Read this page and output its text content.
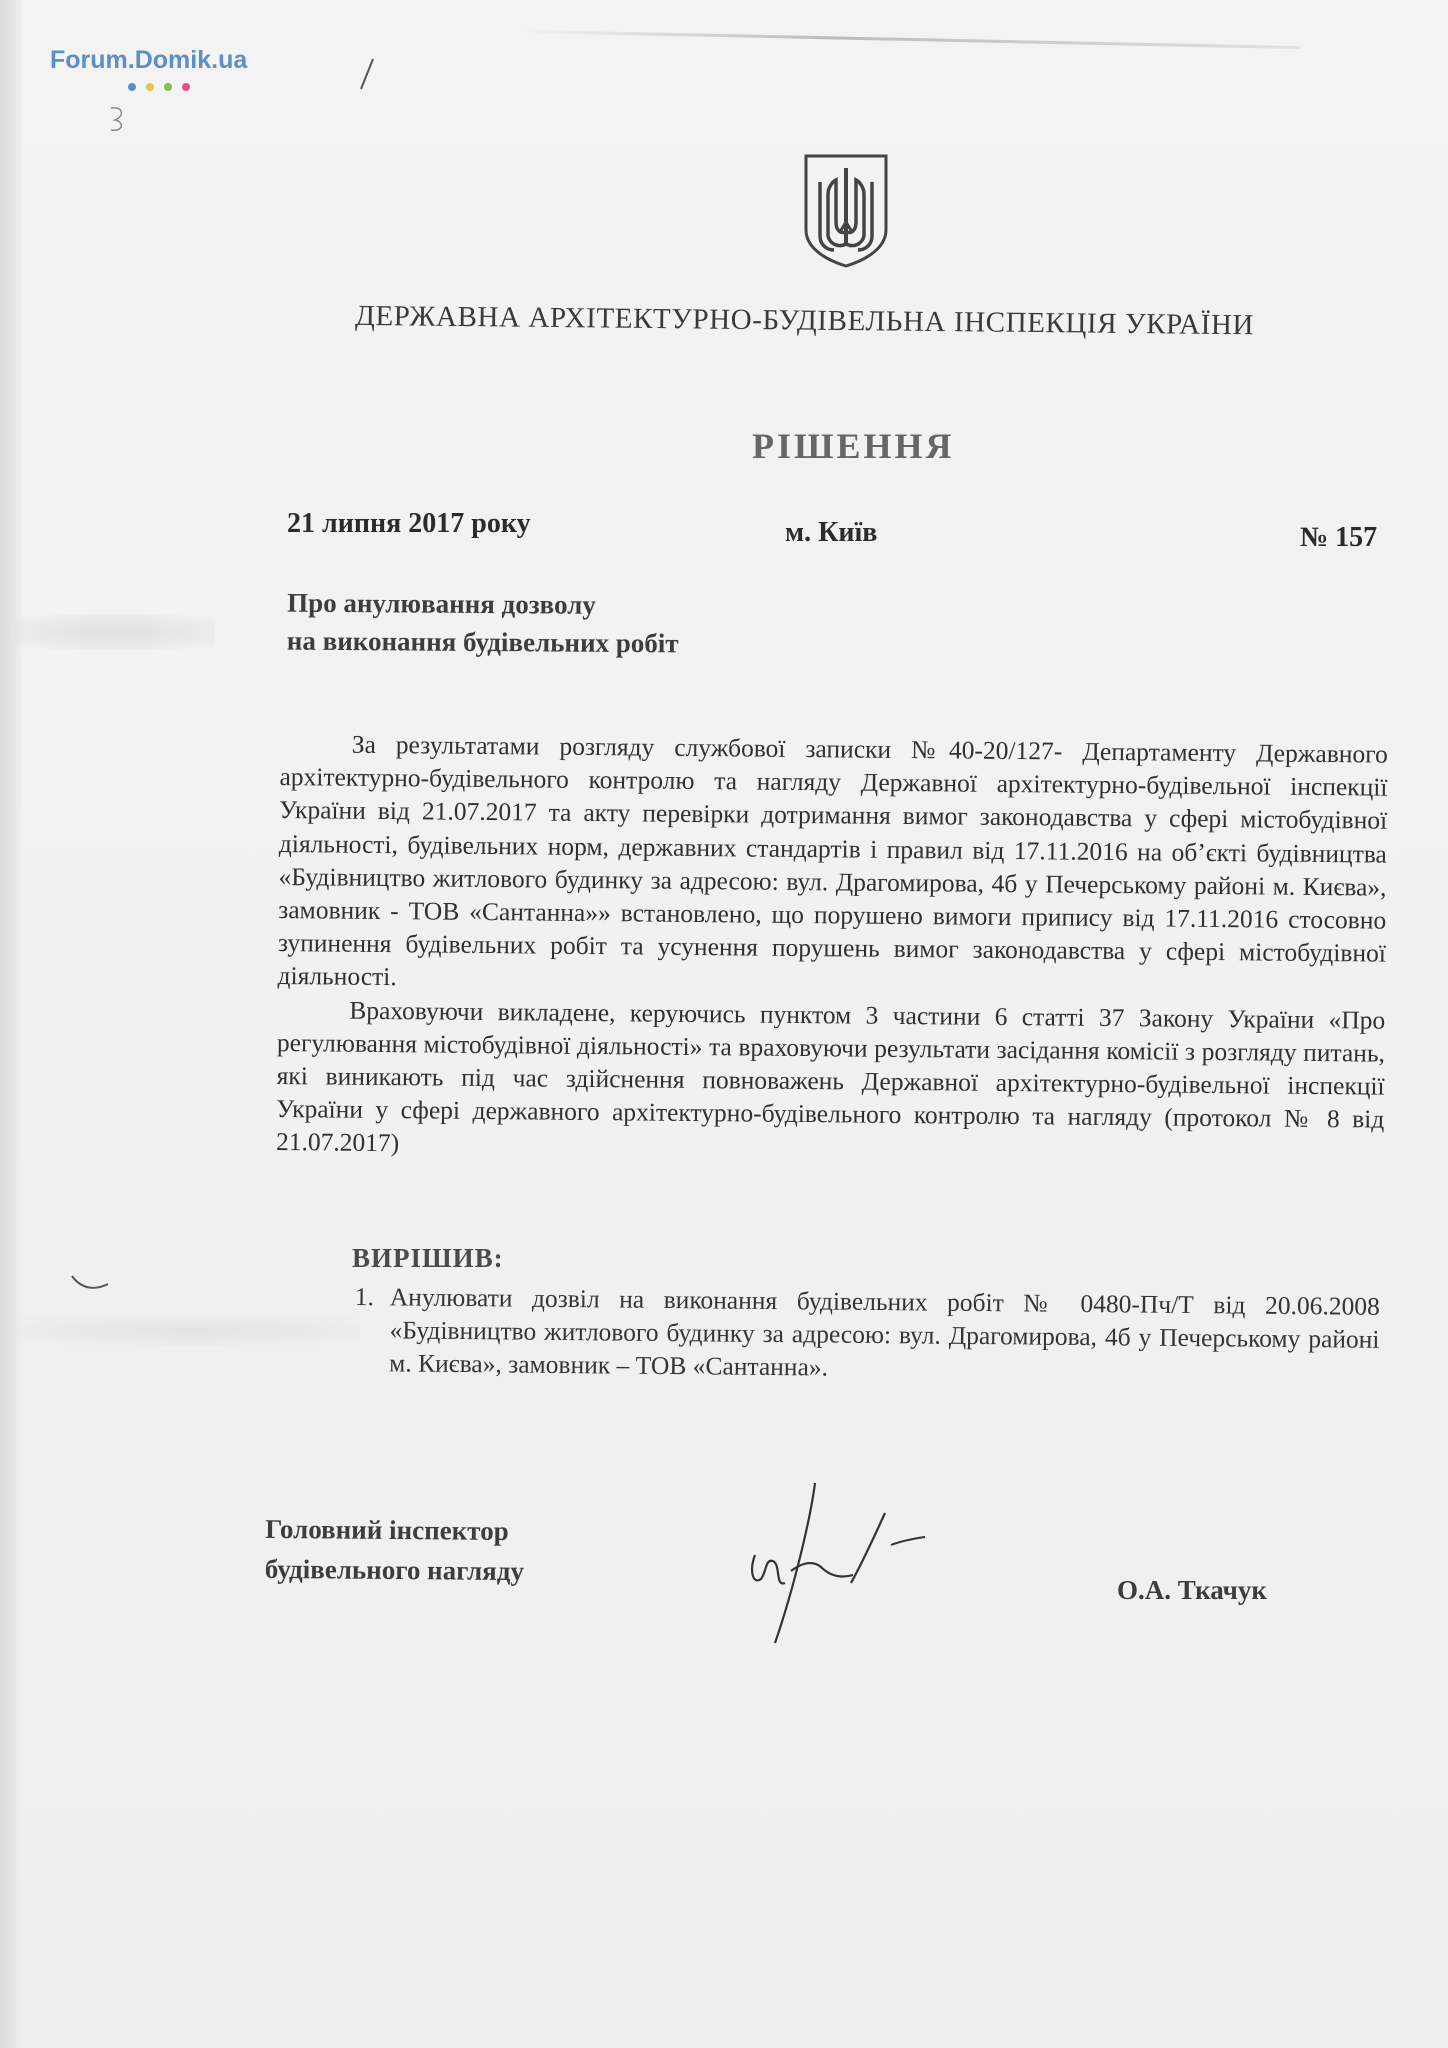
Forum.Domik.ua
ДЕРЖАВНА АРХІТЕКТУРНО-БУДІВЕЛЬНА ІНСПЕКЦІЯ УКРАЇНИ
РІШЕННЯ
21 липня 2017 року	м. Київ	№ 157
Про анулювання дозволу
на виконання будівельних робіт

За результатами розгляду службової записки №40-20/127- Департаменту Державного архітектурно-будівельного контролю та нагляду Державної архітектурно-будівельної інспекції України від 21.07.2017 та акту перевірки дотримання вимог законодавства у сфері містобудівної діяльності, будівельних норм, державних стандартів і правил від 17.11.2016 на об’єкті будівництва «Будівництво житлового будинку за адресою: вул. Драгомирова, 4б у Печерському районі м. Києва», замовник - ТОВ «Сантанна»» встановлено, що порушено вимоги припису від 17.11.2016 стосовно зупинення будівельних робіт та усунення порушень вимог законодавства у сфері містобудівної діяльності.

Враховуючи викладене, керуючись пунктом 3 частини 6 статті 37 Закону України «Про регулювання містобудівної діяльності» та враховуючи результати засідання комісії з розгляду питань, які виникають під час здійснення повноважень Державної архітектурно-будівельної інспекції України у сфері державного архітектурно-будівельного контролю та нагляду (протокол № 8 від 21.07.2017)

ВИРІШИВ:
1. Анулювати дозвіл на виконання будівельних робіт № 0480-Пч/Т від 20.06.2008 «Будівництво житлового будинку за адресою: вул. Драгомирова, 4б у Печерському районі м. Києва», замовник – ТОВ «Сантанна».
Головний інспектор
будівельного нагляду
О.А. Ткачук
